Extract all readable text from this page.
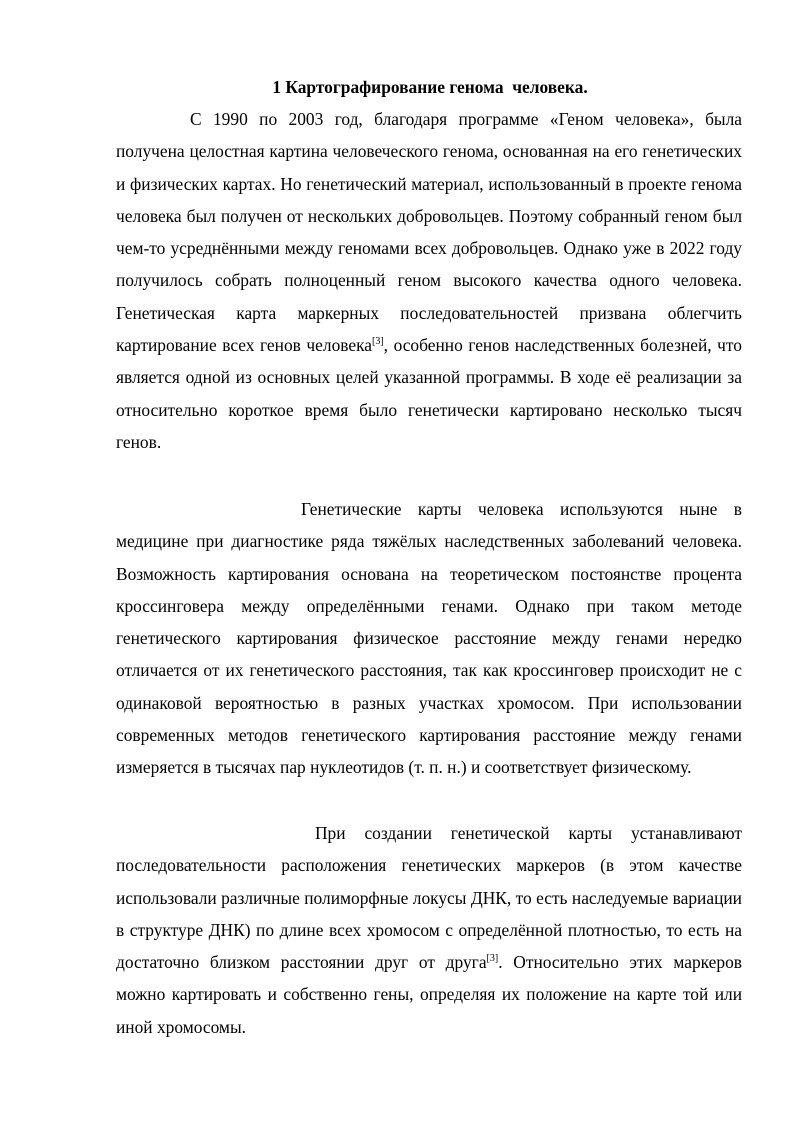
1 Картографирование генома  человека.

С 1990 по 2003 год, благодаря программе «Геном человека», была получена целостная картина человеческого генома, основанная на его генетических и физических картах. Но генетический материал, использованный в проекте генома человека был получен от нескольких добровольцев. Поэтому собранный геном был чем-то усреднёнными между геномами всех добровольцев. Однако уже в 2022 году получилось собрать полноценный геном высокого качества одного человека. Генетическая карта маркерных последовательностей призвана облегчить картирование всех генов человека[3], особенно генов наследственных болезней, что является одной из основных целей указанной программы. В ходе её реализации за относительно короткое время было генетически картировано несколько тысяч генов.

Генетические карты человека используются ныне в медицине при диагностике ряда тяжёлых наследственных заболеваний человека. Возможность картирования основана на теоретическом постоянстве процента кроссинговера между определёнными генами. Однако при таком методе генетического картирования физическое расстояние между генами нередко отличается от их генетического расстояния, так как кроссинговер происходит не с одинаковой вероятностью в разных участках хромосом. При использовании современных методов генетического картирования расстояние между генами измеряется в тысячах пар нуклеотидов (т. п. н.) и соответствует физическому.

При создании генетической карты устанавливают последовательности расположения генетических маркеров (в этом качестве использовали различные полиморфные локусы ДНК, то есть наследуемые вариации в структуре ДНК) по длине всех хромосом с определённой плотностью, то есть на достаточно близком расстоянии друг от друга[3]. Относительно этих маркеров можно картировать и собственно гены, определяя их положение на карте той или иной хромосомы.
